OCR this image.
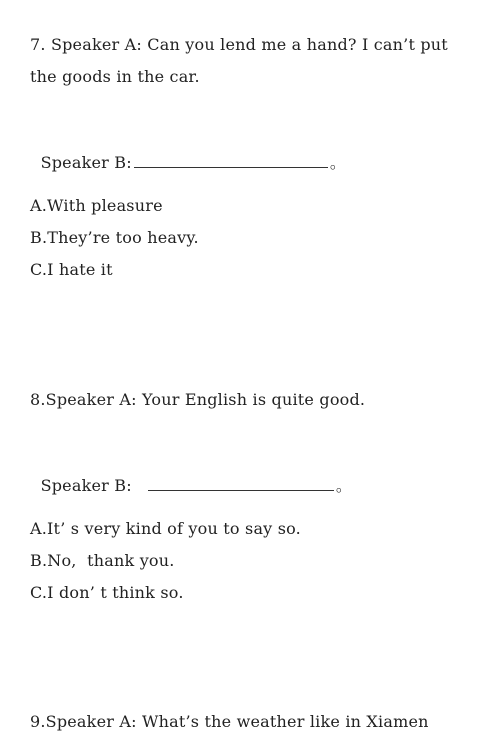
7. Speaker A: Can you lend me a hand? I can’t put
the goods in the car.

Speaker B:	。

A.With pleasure
B.They’re too heavy.
C.I hate it
8.Speaker A: Your English is quite good.

Speaker B:	。

A.It’ s very kind of you to say so.
B.No,  thank you.
C.I don’ t think so.
9.Speaker A: What’s the weather like in Xiamen
